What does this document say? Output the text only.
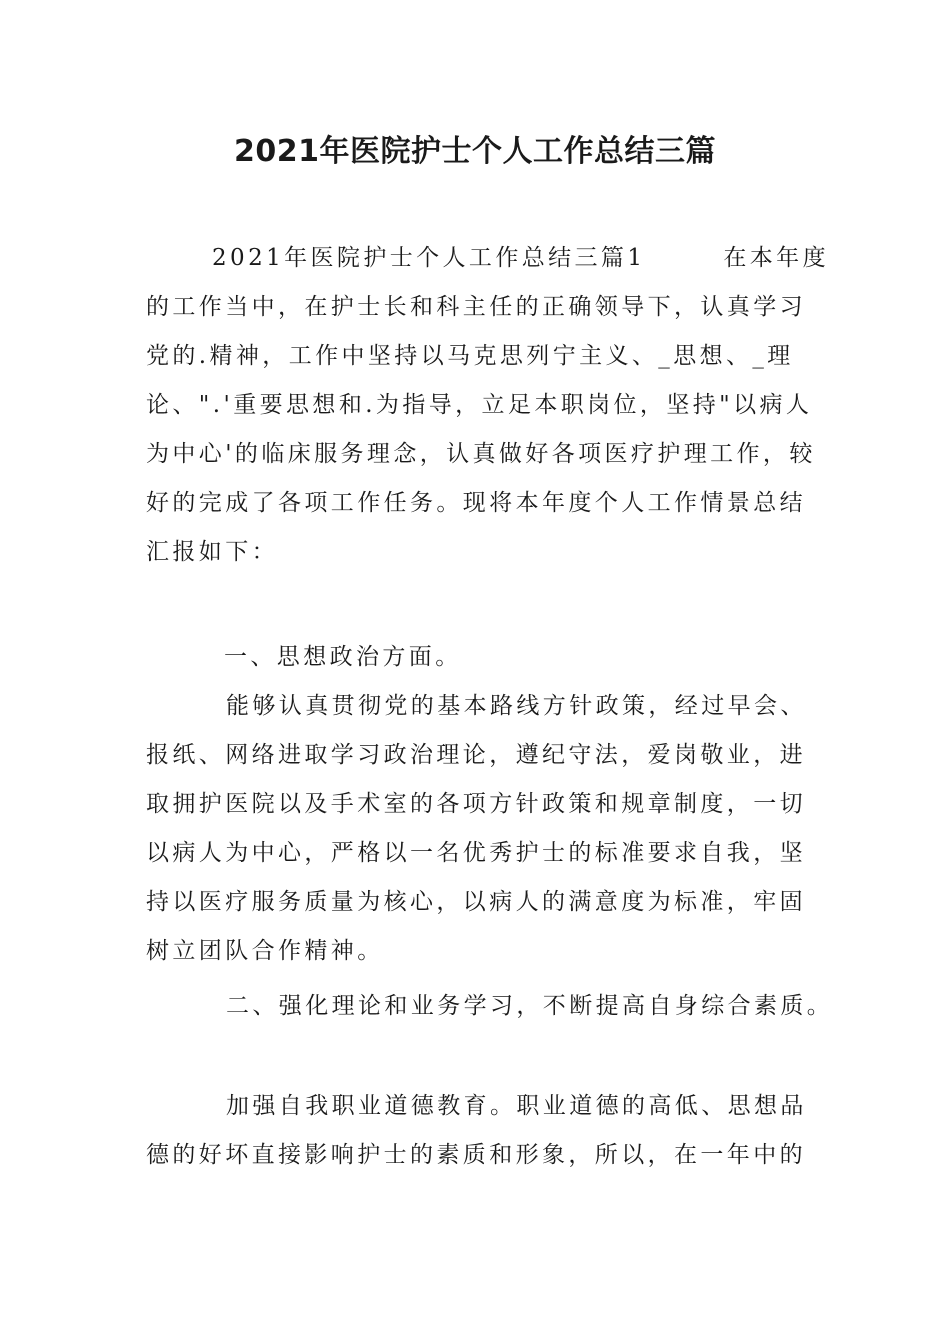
2021年医院护士个人工作总结三篇
2021年医院护士个人工作总结三篇1	在本年度
的工作当中，在护士长和科主任的正确领导下，认真学习
党的.精神，工作中坚持以马克思列宁主义、_思想、_理
论、".'重要思想和.为指导，立足本职岗位，坚持"以病人
为中心'的临床服务理念，认真做好各项医疗护理工作，较
好的完成了各项工作任务。现将本年度个人工作情景总结
汇报如下：
一、思想政治方面。
能够认真贯彻党的基本路线方针政策，经过早会、
报纸、网络进取学习政治理论，遵纪守法，爱岗敬业，进
取拥护医院以及手术室的各项方针政策和规章制度，一切
以病人为中心，严格以一名优秀护士的标准要求自我，坚
持以医疗服务质量为核心，以病人的满意度为标准，牢固
树立团队合作精神。
二、强化理论和业务学习，不断提高自身综合素质。
加强自我职业道德教育。职业道德的高低、思想品
德的好坏直接影响护士的素质和形象，所以，在一年中的
